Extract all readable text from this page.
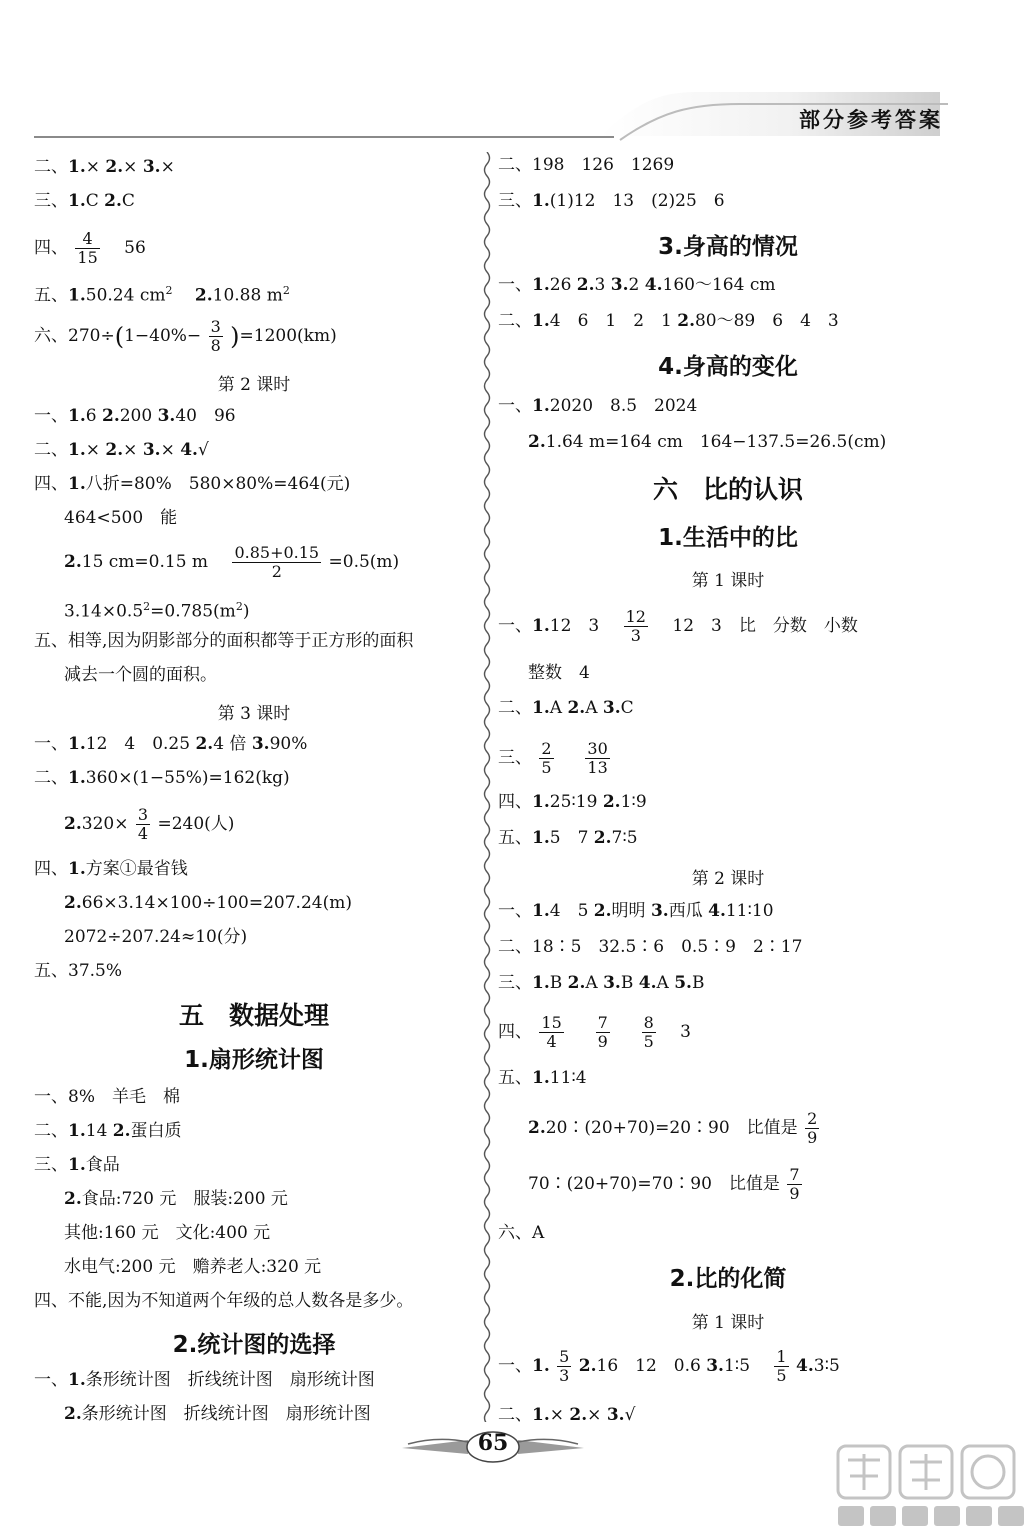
部分参考答案
二、1.× 2.× 3.×
三、1.C 2.C
四、 $\frac{4}{15}$
　 56
五、1.50.24 $cm^2$ 　 2.10.88 $m^2$
六、$270\div(1-40\%- \frac{3}{8} )=1200(km)$
第 2 课时
一、1.6 2.200 3.40　96
二、1.× 2.× 3.× 4.√
四、1.八折=80%　580×80%=464(元)
464<500　能
2.15 cm=0.15 m　 $\frac{0.85+0.15}{2} =0.5(m)$
$3.14\times 0.5^2=0.785(m^2)$
五、相等,因为阴影部分的面积都等于正方形的面积
减去一个圆的面积。
第 3 课时
一、1.12　4　0.25 2.4 倍 3.90%
二、1.360×(1−55%)=162(kg)
$2.320\times \frac{3}{4} =240$(人)
四、1.方案①最省钱
2.66×3.14×100÷100=207.24(m)
2072÷207.24≈10(分)
五、37.5%
五　数据处理
1.扇形统计图
一、8%　羊毛　棉
二、1.14 2.蛋白质
三、1.食品
2.食品:720 元　服装:200 元
其他:160 元　文化:400 元
水电气:200 元　赡养老人:320 元
四、不能,因为不知道两个年级的总人数各是多少。
2.统计图的选择
一、1.条形统计图　折线统计图　扇形统计图
2.条形统计图　折线统计图　扇形统计图
二、198　126　1269
三、1.(1)12　13　(2)25　6
3.身高的情况
一、1.26 2.3 3.2 4.160～164 cm
二、1.4　6　1　2　1 2.80～89　6　4　3
4.身高的变化
一、1.2020　8.5　2024
2.1.64 m=164 cm　164−137.5=26.5(cm)
六　比的认识
1.生活中的比
第 1 课时
一、1.12　3　 $\frac{12}{3}$ 　12　3　比　分数　小数
整数　4
二、1.A 2.A 3.C
三、 $\frac{2}{5}$
　 $\frac{30}{13}$
四、1.25∶19 2.1∶9
五、1.5　7 2.7∶5
第 2 课时
一、1.4　5 2.明明 3.西瓜 4.11∶10
二、18∶5　32.5∶6　0.5∶9　2∶17
三、1.B 2.A 3.B 4.A 5.B
四、 $\frac{15}{4}$
　 $\frac{7}{9}$
　 $\frac{8}{5}$
　 3
五、1.11∶4
2.20∶(20+70)=20∶90　比值是 $\frac{2}{9}$
70∶(20+70)=70∶90　比值是 $\frac{7}{9}$
六、A
2.比的化简
第 1 课时
一、1. $\frac{5}{3} 2.16$　12　0.6 3.1∶5　 $\frac{1}{5}$ 4.3∶5
二、1.× 2.× 3.√
65
